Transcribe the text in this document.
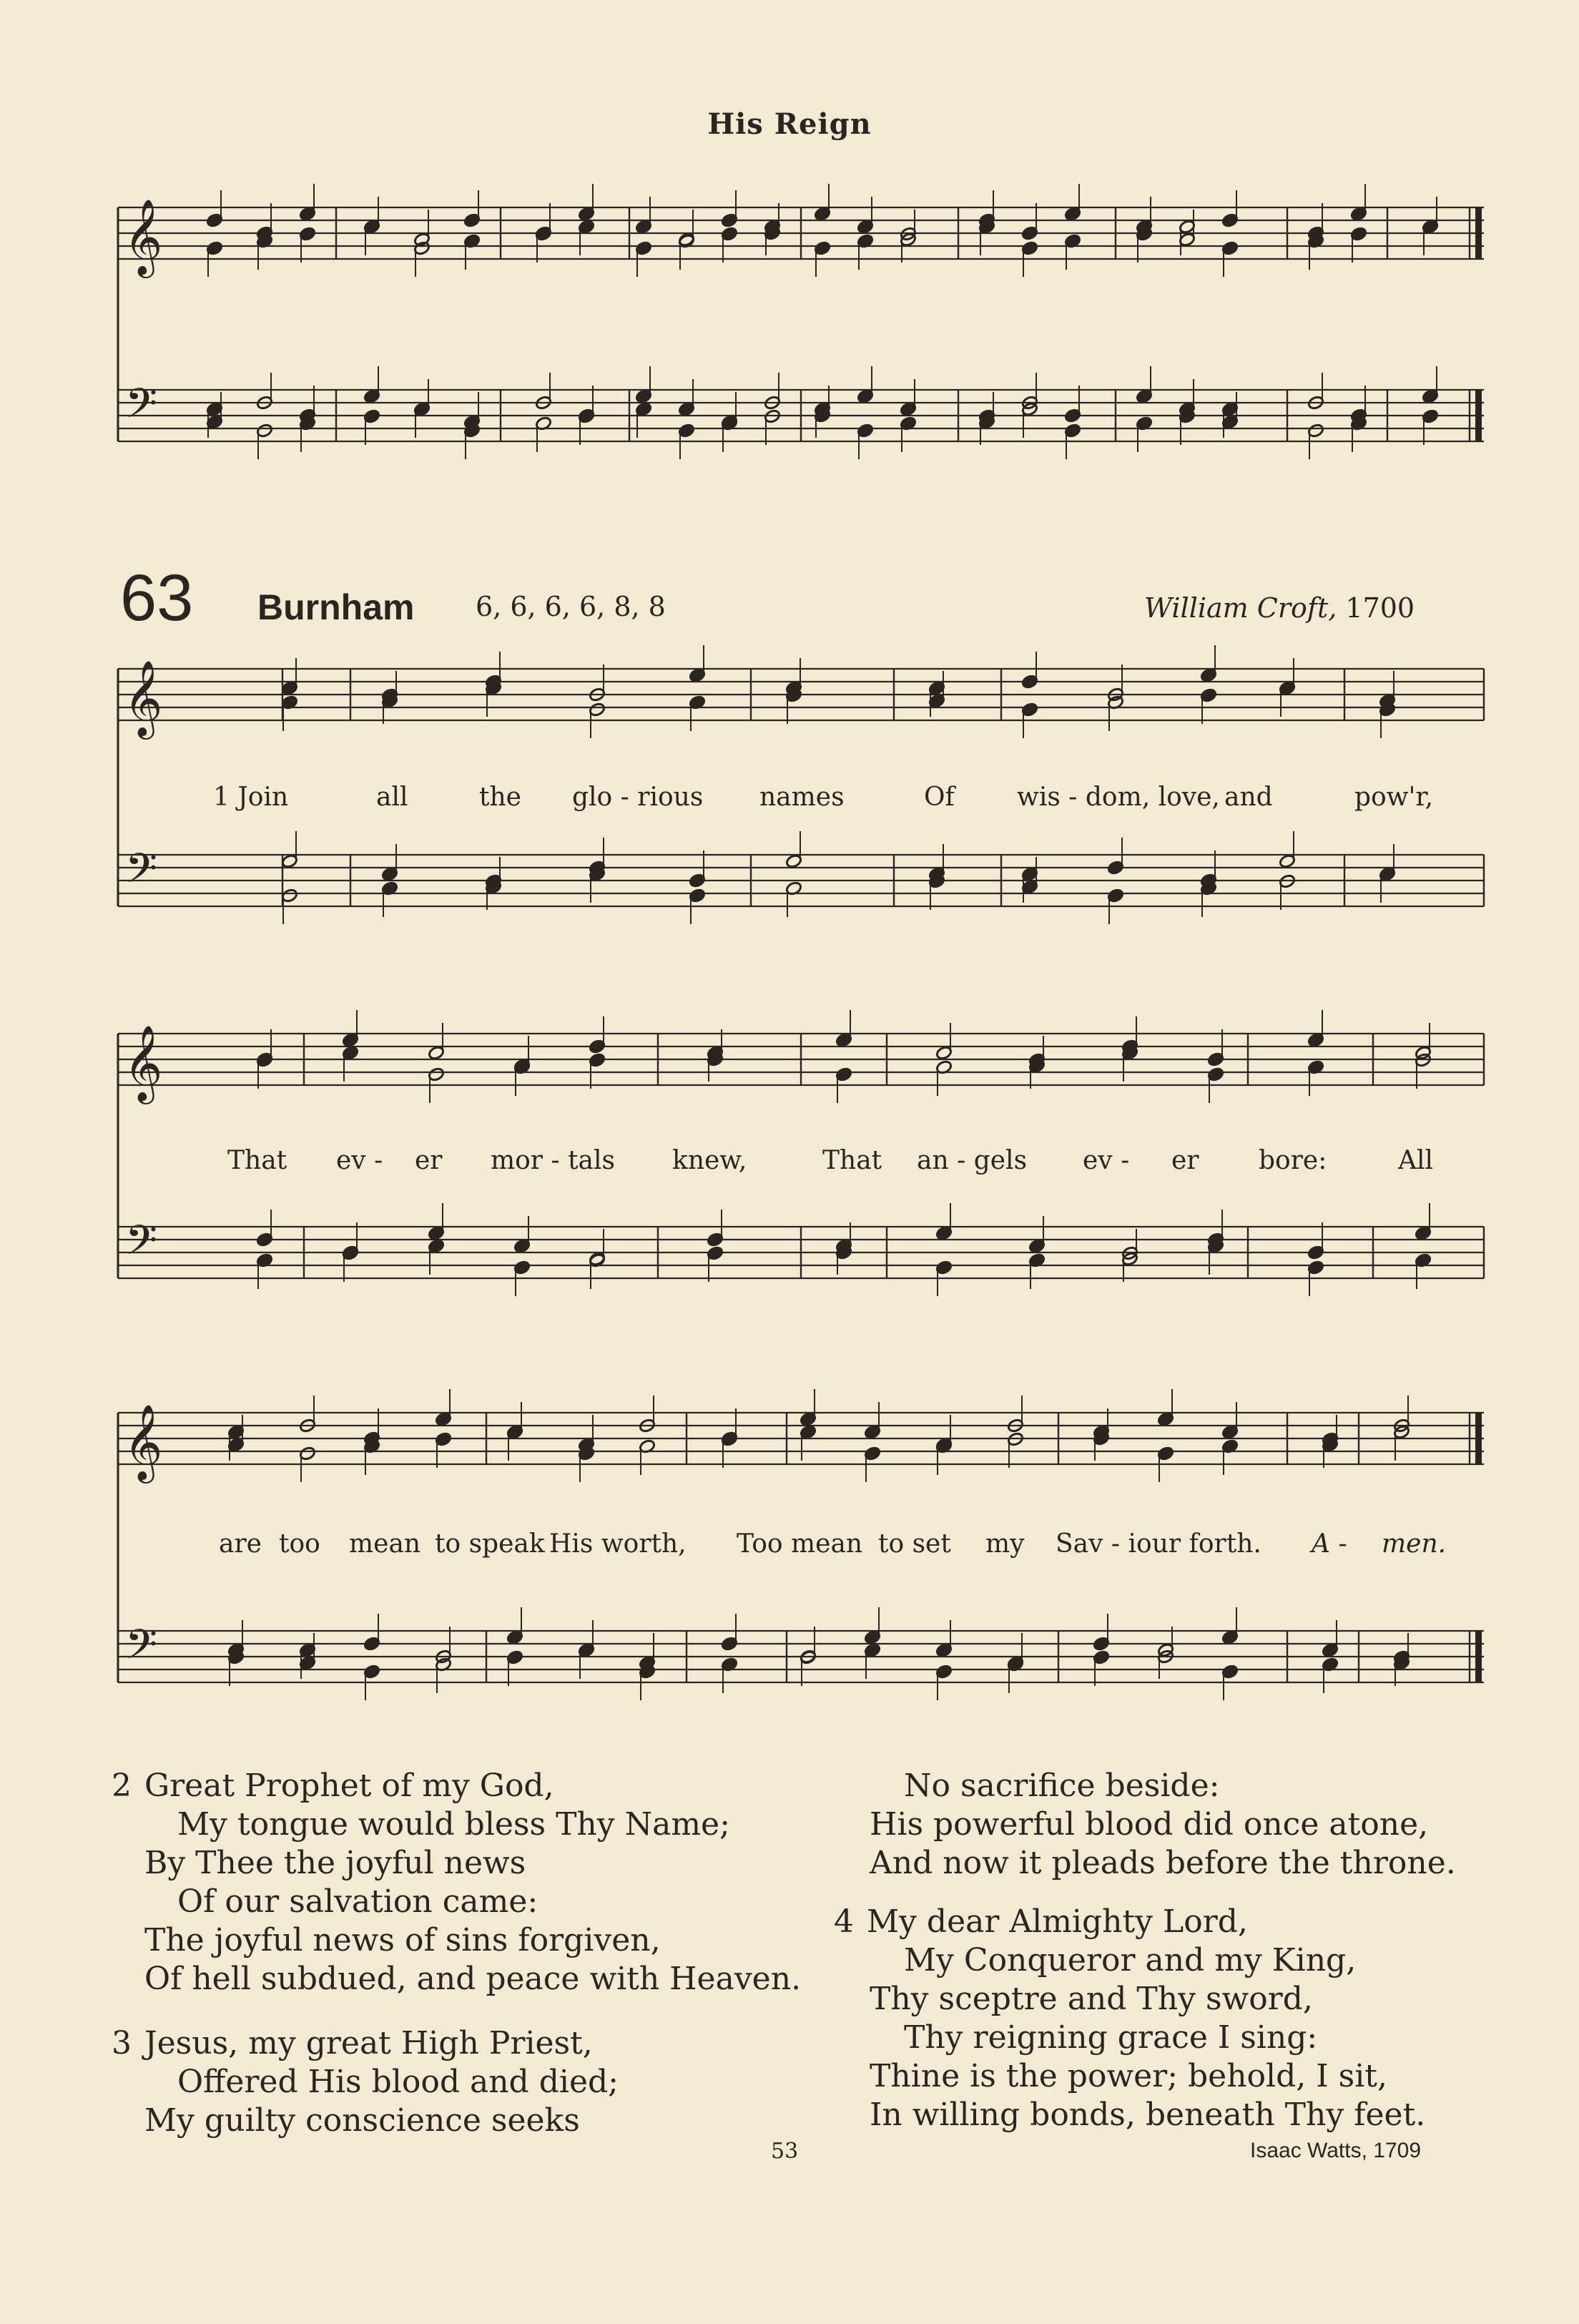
His Reign
63 Burnham 6, 6, 6, 6, 8, 8	William Croft, 1700
𝄞
𝄢
𝄞
𝄢
𝄞
𝄢
𝄞
𝄢
1 Join	all	the glo - rious names	Of wis - dom, love, and	pow'r,
That ev - er mor - tals knew,	That an - gels ev - er bore:	All
are too mean to speak His worth, Too mean to set my Sav - iour forth. A - men.
2 Great Prophet of my God,
My tongue would bless Thy Name;
By Thee the joyful news
Of our salvation came:
The joyful news of sins forgiven,
Of hell subdued, and peace with Heaven.
3 Jesus, my great High Priest,
Offered His blood and died;
My guilty conscience seeks
No sacrifice beside:
His powerful blood did once atone,
And now it pleads before the throne.
4 My dear Almighty Lord,
My Conqueror and my King,
Thy sceptre and Thy sword,
Thy reigning grace I sing:
Thine is the power; behold, I sit,
In willing bonds, beneath Thy feet.
53	Isaac Watts, 1709
